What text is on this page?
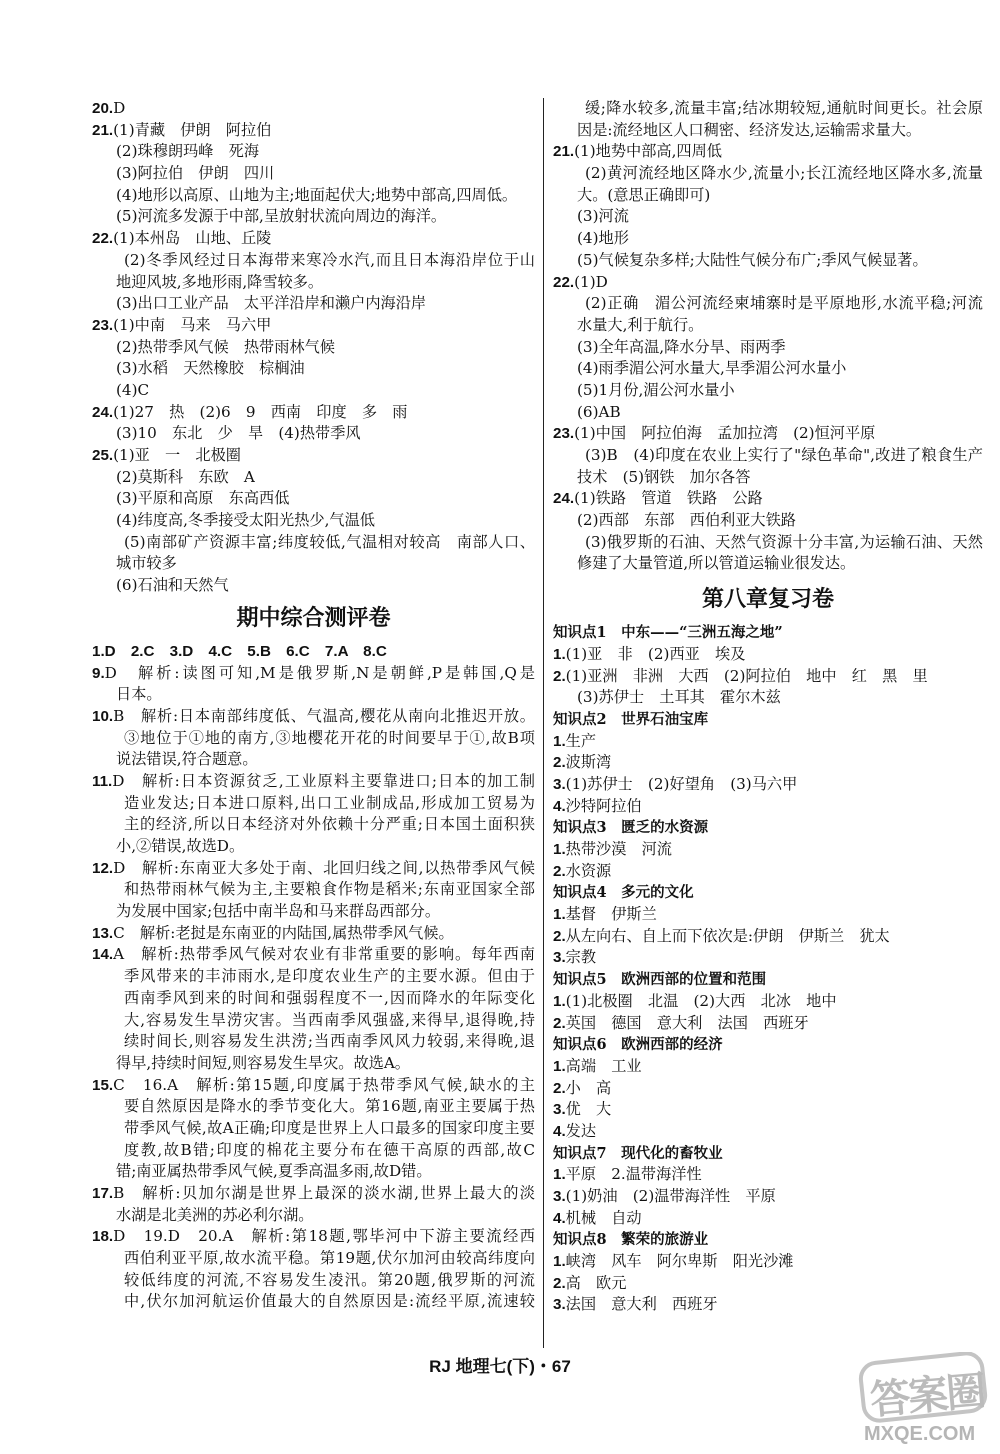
20.D
21.(1)青藏　伊朗　阿拉伯
(2)珠穆朗玛峰　死海
(3)阿拉伯　伊朗　四川
(4)地形以高原、山地为主;地面起伏大;地势中部高,四周低。
(5)河流多发源于中部,呈放射状流向周边的海洋。
22.(1)本州岛　山地、丘陵
(2)冬季风经过日本海带来寒冷水汽,而且日本海沿岸位于山
地迎风坡,多地形雨,降雪较多。
(3)出口工业产品　太平洋沿岸和濑户内海沿岸
23.(1)中南　马来　马六甲
(2)热带季风气候　热带雨林气候
(3)水稻　天然橡胶　棕榈油
(4)C
24.(1)27　热　(2)6　9　西南　印度　多　雨
(3)10　东北　少　旱　(4)热带季风
25.(1)亚　一　北极圈
(2)莫斯科　东欧　A
(3)平原和高原　东高西低
(4)纬度高,冬季接受太阳光热少,气温低
(5)南部矿产资源丰富;纬度较低,气温相对较高　南部人口、
城市较多
(6)石油和天然气
期中综合测评卷
1.D　2.C　3.D　4.C　5.B　6.C　7.A　8.C
9.D　解析:读图可知,M是俄罗斯,N是朝鲜,P是韩国,Q是
日本。
10.B　解析:日本南部纬度低、气温高,樱花从南向北推迟开放。
③地位于①地的南方,③地樱花开花的时间要早于①,故B项
说法错误,符合题意。
11.D　解析:日本资源贫乏,工业原料主要靠进口;日本的加工制
造业发达;日本进口原料,出口工业制成品,形成加工贸易为
主的经济,所以日本经济对外依赖十分严重;日本国土面积狭
小,②错误,故选D。
12.D　解析:东南亚大多处于南、北回归线之间,以热带季风气候
和热带雨林气候为主,主要粮食作物是稻米;东南亚国家全部
为发展中国家;包括中南半岛和马来群岛西部分。
13.C　解析:老挝是东南亚的内陆国,属热带季风气候。
14.A　解析:热带季风气候对农业有非常重要的影响。每年西南
季风带来的丰沛雨水,是印度农业生产的主要水源。但由于
西南季风到来的时间和强弱程度不一,因而降水的年际变化
大,容易发生旱涝灾害。当西南季风强盛,来得早,退得晚,持
续时间长,则容易发生洪涝;当西南季风风力较弱,来得晚,退
得早,持续时间短,则容易发生旱灾。故选A。
15.C　16.A　解析:第15题,印度属于热带季风气候,缺水的主
要自然原因是降水的季节变化大。第16题,南亚主要属于热
带季风气候,故A正确;印度是世界上人口最多的国家印度主要
度教,故B错;印度的棉花主要分布在德干高原的西部,故C
错;南亚属热带季风气候,夏季高温多雨,故D错。
17.B　解析:贝加尔湖是世界上最深的淡水湖,世界上最大的淡
水湖是北美洲的苏必利尔湖。
18.D　19.D　20.A　解析:第18题,鄂毕河中下游主要流经西
西伯利亚平原,故水流平稳。第19题,伏尔加河由较高纬度向
较低纬度的河流,不容易发生凌汛。第20题,俄罗斯的河流
中,伏尔加河航运价值最大的自然原因是:流经平原,流速较
缓;降水较多,流量丰富;结冰期较短,通航时间更长。社会原
因是:流经地区人口稠密、经济发达,运输需求量大。
21.(1)地势中部高,四周低
(2)黄河流经地区降水少,流量小;长江流经地区降水多,流量
大。(意思正确即可)
(3)河流
(4)地形
(5)气候复杂多样;大陆性气候分布广;季风气候显著。
22.(1)D
(2)正确　湄公河流经柬埔寨时是平原地形,水流平稳;河流
水量大,利于航行。
(3)全年高温,降水分旱、雨两季
(4)雨季湄公河水量大,旱季湄公河水量小
(5)1月份,湄公河水量小
(6)AB
23.(1)中国　阿拉伯海　孟加拉湾　(2)恒河平原
(3)B　(4)印度在农业上实行了"绿色革命",改进了粮食生产
技术　(5)钢铁　加尔各答
24.(1)铁路　管道　铁路　公路
(2)西部　东部　西伯利亚大铁路
(3)俄罗斯的石油、天然气资源十分丰富,为运输石油、天然
修建了大量管道,所以管道运输业很发达。
第八章复习卷
知识点1　中东——“三洲五海之地”
1.(1)亚　非　(2)西亚　埃及
2.(1)亚洲　非洲　大西　(2)阿拉伯　地中　红　黑　里
(3)苏伊士　土耳其　霍尔木兹
知识点2　世界石油宝库
1.生产
2.波斯湾
3.(1)苏伊士　(2)好望角　(3)马六甲
4.沙特阿拉伯
知识点3　匮乏的水资源
1.热带沙漠　河流
2.水资源
知识点4　多元的文化
1.基督　伊斯兰
2.从左向右、自上而下依次是:伊朗　伊斯兰　犹太
3.宗教
知识点5　欧洲西部的位置和范围
1.(1)北极圈　北温　(2)大西　北冰　地中
2.英国　德国　意大利　法国　西班牙
知识点6　欧洲西部的经济
1.高端　工业
2.小　高
3.优　大
4.发达
知识点7　现代化的畜牧业
1.平原　2.温带海洋性
3.(1)奶油　(2)温带海洋性　平原
4.机械　自动
知识点8　繁荣的旅游业
1.峡湾　风车　阿尔卑斯　阳光沙滩
2.高　欧元
3.法国　意大利　西班牙
RJ 地理七(下)・67
答案圈
MXQE.COM
